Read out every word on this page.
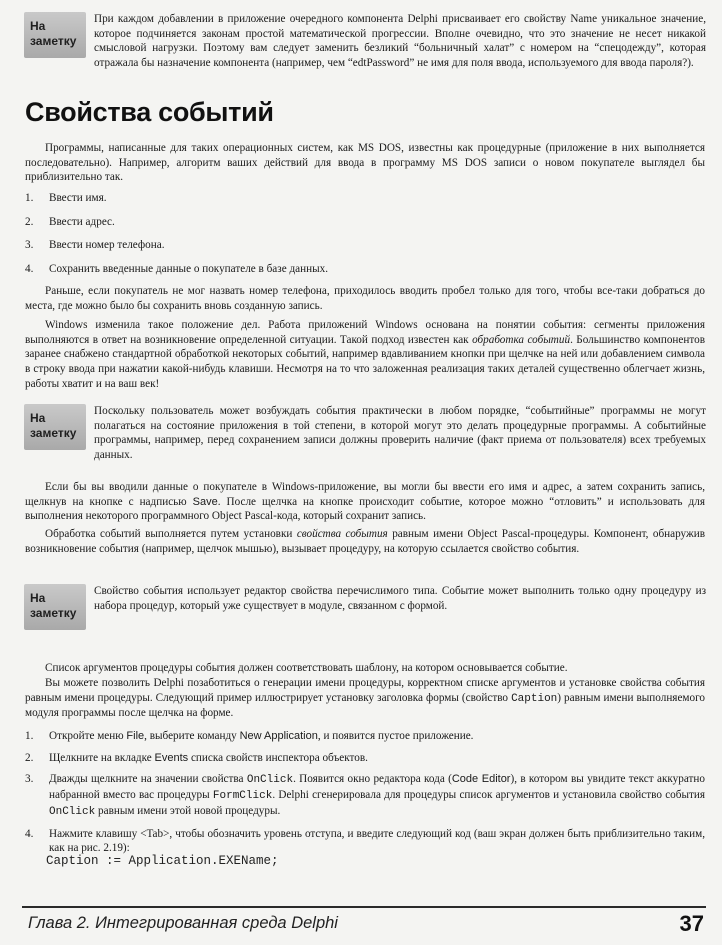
На
заметку
При каждом добавлении в приложение очередного компонента Delphi присваивает его свойству Name уникальное значение, которое подчиняется законам простой математической прогрессии. Вполне очевидно, что это значение не несет никакой смысловой нагрузки. Поэтому вам следует заменить безликий “больничный халат” с номером на “спецодежду”, которая отражала бы назначение компонента (например, чем “edtPassword” не имя для поля ввода, используемого для ввода пароля?).
Свойства событий
Программы, написанные для таких операционных систем, как MS DOS, известны как процедурные (приложение в них выполняется последовательно). Например, алгоритм ваших действий для ввода в программу MS DOS записи о новом покупателе выглядел бы приблизительно так.
1. Ввести имя.
2. Ввести адрес.
3. Ввести номер телефона.
4. Сохранить введенные данные о покупателе в базе данных.
Раньше, если покупатель не мог назвать номер телефона, приходилось вводить пробел только для того, чтобы все-таки добраться до места, где можно было бы сохранить вновь созданную запись.
Windows изменила такое положение дел. Работа приложений Windows основана на понятии события: сегменты приложения выполняются в ответ на возникновение определенной ситуации. Такой подход известен как обработка событий. Большинство компонентов заранее снабжено стандартной обработкой некоторых событий, например вдавливанием кнопки при щелчке на ней или добавлением символа в строку ввода при нажатии какой-нибудь клавиши. Несмотря на то что заложенная реализация таких деталей существенно облегчает жизнь, работы хватит и на ваш век!
На
заметку
Поскольку пользователь может возбуждать события практически в любом порядке, “событийные” программы не могут полагаться на состояние приложения в той степени, в которой могут это делать процедурные программы. А событийные программы, например, перед сохранением записи должны проверить наличие (факт приема от пользователя) всех требуемых данных.
Если бы вы вводили данные о покупателе в Windows-приложение, вы могли бы ввести его имя и адрес, а затем сохранить запись, щелкнув на кнопке с надписью Save. После щелчка на кнопке происходит событие, которое можно “отловить” и использовать для выполнения некоторого программного Object Pascal-кода, который сохранит запись.
Обработка событий выполняется путем установки свойства события равным имени Object Pascal-процедуры. Компонент, обнаружив возникновение события (например, щелчок мышью), вызывает процедуру, на которую ссылается свойство события.
На
заметку
Свойство события использует редактор свойства перечислимого типа. Событие может выполнить только одну процедуру из набора процедур, который уже существует в модуле, связанном с формой.
Список аргументов процедуры события должен соответствовать шаблону, на котором основывается событие.
Вы можете позволить Delphi позаботиться о генерации имени процедуры, корректном списке аргументов и установке свойства события равным имени процедуры. Следующий пример иллюстрирует установку заголовка формы (свойство Caption) равным имени выполняемого модуля программы после щелчка на форме.
1. Откройте меню File, выберите команду New Application, и появится пустое приложение.
2. Щелкните на вкладке Events списка свойств инспектора объектов.
3. Дважды щелкните на значении свойства OnClick. Появится окно редактора кода (Code Editor), в котором вы увидите текст аккуратно набранной вместо вас процедуры FormClick. Delphi сгенерировала для процедуры список аргументов и установила свойство события OnClick равным имени этой новой процедуры.
4. Нажмите клавишу <Tab>, чтобы обозначить уровень отступа, и введите следующий код (ваш экран должен быть приблизительно таким, как на рис. 2.19):
Caption := Application.EXEName;
Глава 2. Интегрированная среда Delphi	37
